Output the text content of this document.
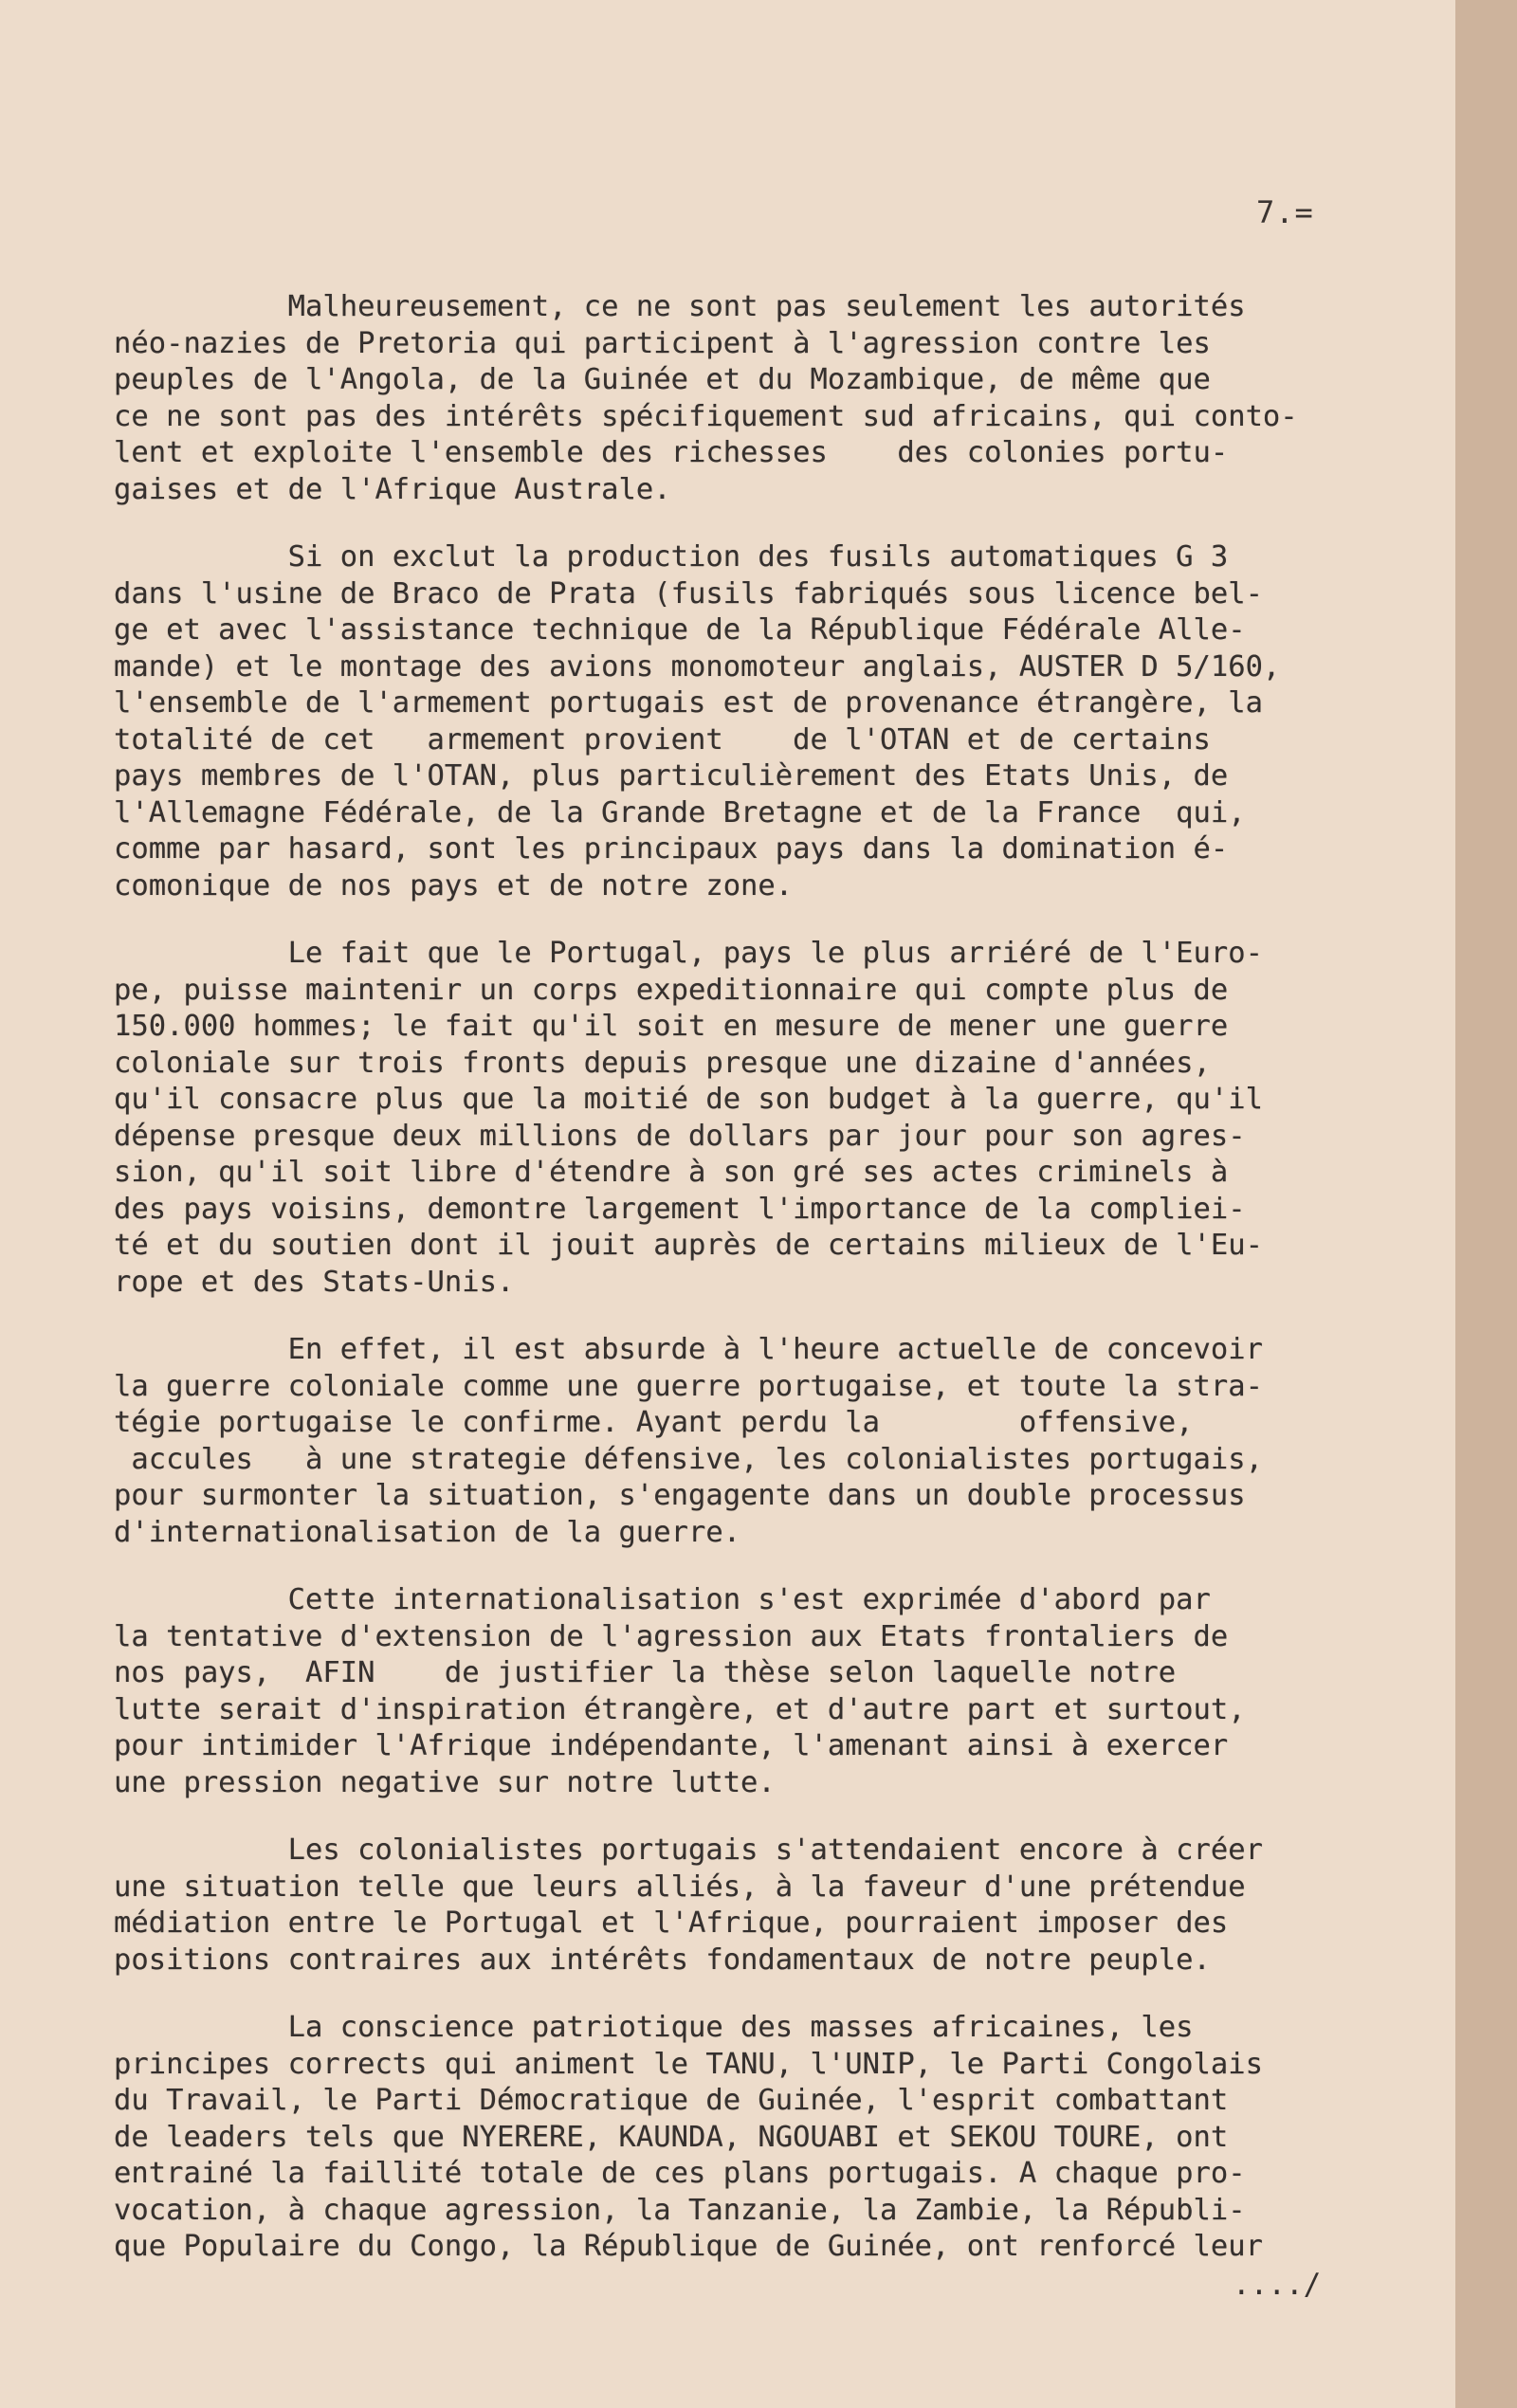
7.=

Malheureusement, ce ne sont pas seulement les autorités
néo-nazies de Pretoria qui participent à l'agression contre les
peuples de l'Angola, de la Guinée et du Mozambique, de même que
ce ne sont pas des intérêts spécifiquement sud africains, qui conto-
lent et exploite l'ensemble des richesses    des colonies portu-
gaises et de l'Afrique Australe.

Si on exclut la production des fusils automatiques G 3
dans l'usine de Braco de Prata (fusils fabriqués sous licence bel-
ge et avec l'assistance technique de la République Fédérale Alle-
mande) et le montage des avions monomoteur anglais, AUSTER D 5/160,
l'ensemble de l'armement portugais est de provenance étrangère, la
totalité de cet   armement provient    de l'OTAN et de certains
pays membres de l'OTAN, plus particulièrement des Etats Unis, de
l'Allemagne Fédérale, de la Grande Bretagne et de la France  qui,
comme par hasard, sont les principaux pays dans la domination é-
comonique de nos pays et de notre zone.

Le fait que le Portugal, pays le plus arriéré de l'Euro-
pe, puisse maintenir un corps expeditionnaire qui compte plus de
150.000 hommes; le fait qu'il soit en mesure de mener une guerre
coloniale sur trois fronts depuis presque une dizaine d'années,
qu'il consacre plus que la moitié de son budget à la guerre, qu'il
dépense presque deux millions de dollars par jour pour son agres-
sion, qu'il soit libre d'étendre à son gré ses actes criminels à
des pays voisins, demontre largement l'importance de la compliei-
té et du soutien dont il jouit auprès de certains milieux de l'Eu-
rope et des Stats-Unis.

En effet, il est absurde à l'heure actuelle de concevoir
la guerre coloniale comme une guerre portugaise, et toute la stra-
tégie portugaise le confirme. Ayant perdu la        offensive,
accules   à une strategie défensive, les colonialistes portugais,
pour surmonter la situation, s'engagente dans un double processus
d'internationalisation de la guerre.

Cette internationalisation s'est exprimée d'abord par
la tentative d'extension de l'agression aux Etats frontaliers de
nos pays,  AFIN    de justifier la thèse selon laquelle notre
lutte serait d'inspiration étrangère, et d'autre part et surtout,
pour intimider l'Afrique indépendante, l'amenant ainsi à exercer
une pression negative sur notre lutte.

Les colonialistes portugais s'attendaient encore à créer
une situation telle que leurs alliés, à la faveur d'une prétendue
médiation entre le Portugal et l'Afrique, pourraient imposer des
positions contraires aux intérêts fondamentaux de notre peuple.

La conscience patriotique des masses africaines, les
principes corrects qui animent le TANU, l'UNIP, le Parti Congolais
du Travail, le Parti Démocratique de Guinée, l'esprit combattant
de leaders tels que NYERERE, KAUNDA, NGOUABI et SEKOU TOURE, ont
entrainé la faillité totale de ces plans portugais. A chaque pro-
vocation, à chaque agression, la Tanzanie, la Zambie, la Républi-
que Populaire du Congo, la République de Guinée, ont renforcé leur

..../
